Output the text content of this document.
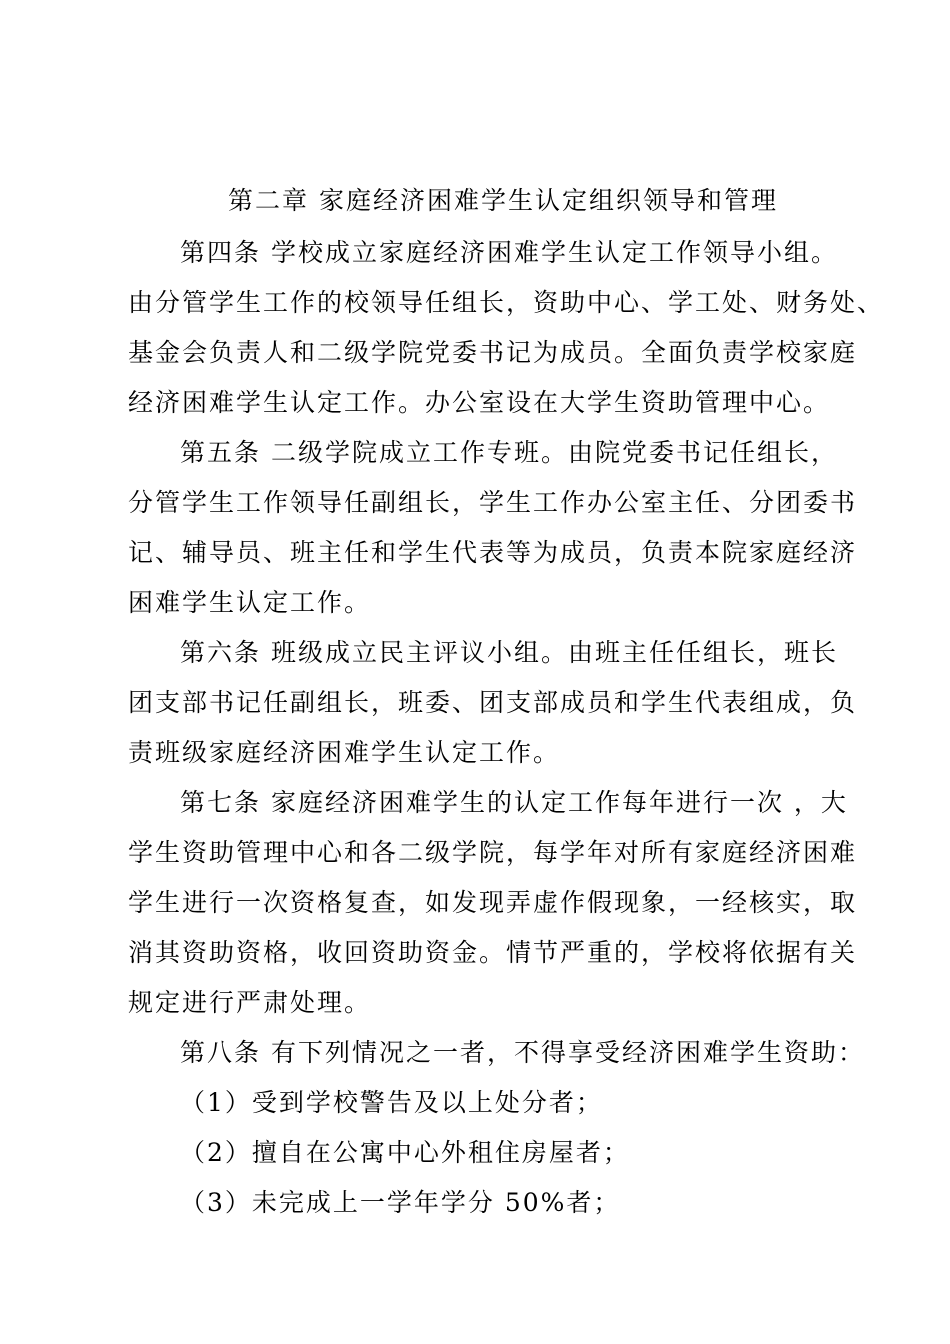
第二章 家庭经济困难学生认定组织领导和管理
第四条 学校成立家庭经济困难学生认定工作领导小组。
由分管学生工作的校领导任组长，资助中心、学工处、财务处、
基金会负责人和二级学院党委书记为成员。全面负责学校家庭
经济困难学生认定工作。办公室设在大学生资助管理中心。
第五条 二级学院成立工作专班。由院党委书记任组长，
分管学生工作领导任副组长，学生工作办公室主任、分团委书
记、辅导员、班主任和学生代表等为成员，负责本院家庭经济
困难学生认定工作。
第六条 班级成立民主评议小组。由班主任任组长，班长
团支部书记任副组长，班委、团支部成员和学生代表组成，负
责班级家庭经济困难学生认定工作。
第七条 家庭经济困难学生的认定工作每年进行一次 ，大
学生资助管理中心和各二级学院，每学年对所有家庭经济困难
学生进行一次资格复查，如发现弄虚作假现象，一经核实，取
消其资助资格，收回资助资金。情节严重的，学校将依据有关
规定进行严肃处理。
第八条 有下列情况之一者，不得享受经济困难学生资助：
（1）受到学校警告及以上处分者；
（2）擅自在公寓中心外租住房屋者；
（3）未完成上一学年学分 50%者；
